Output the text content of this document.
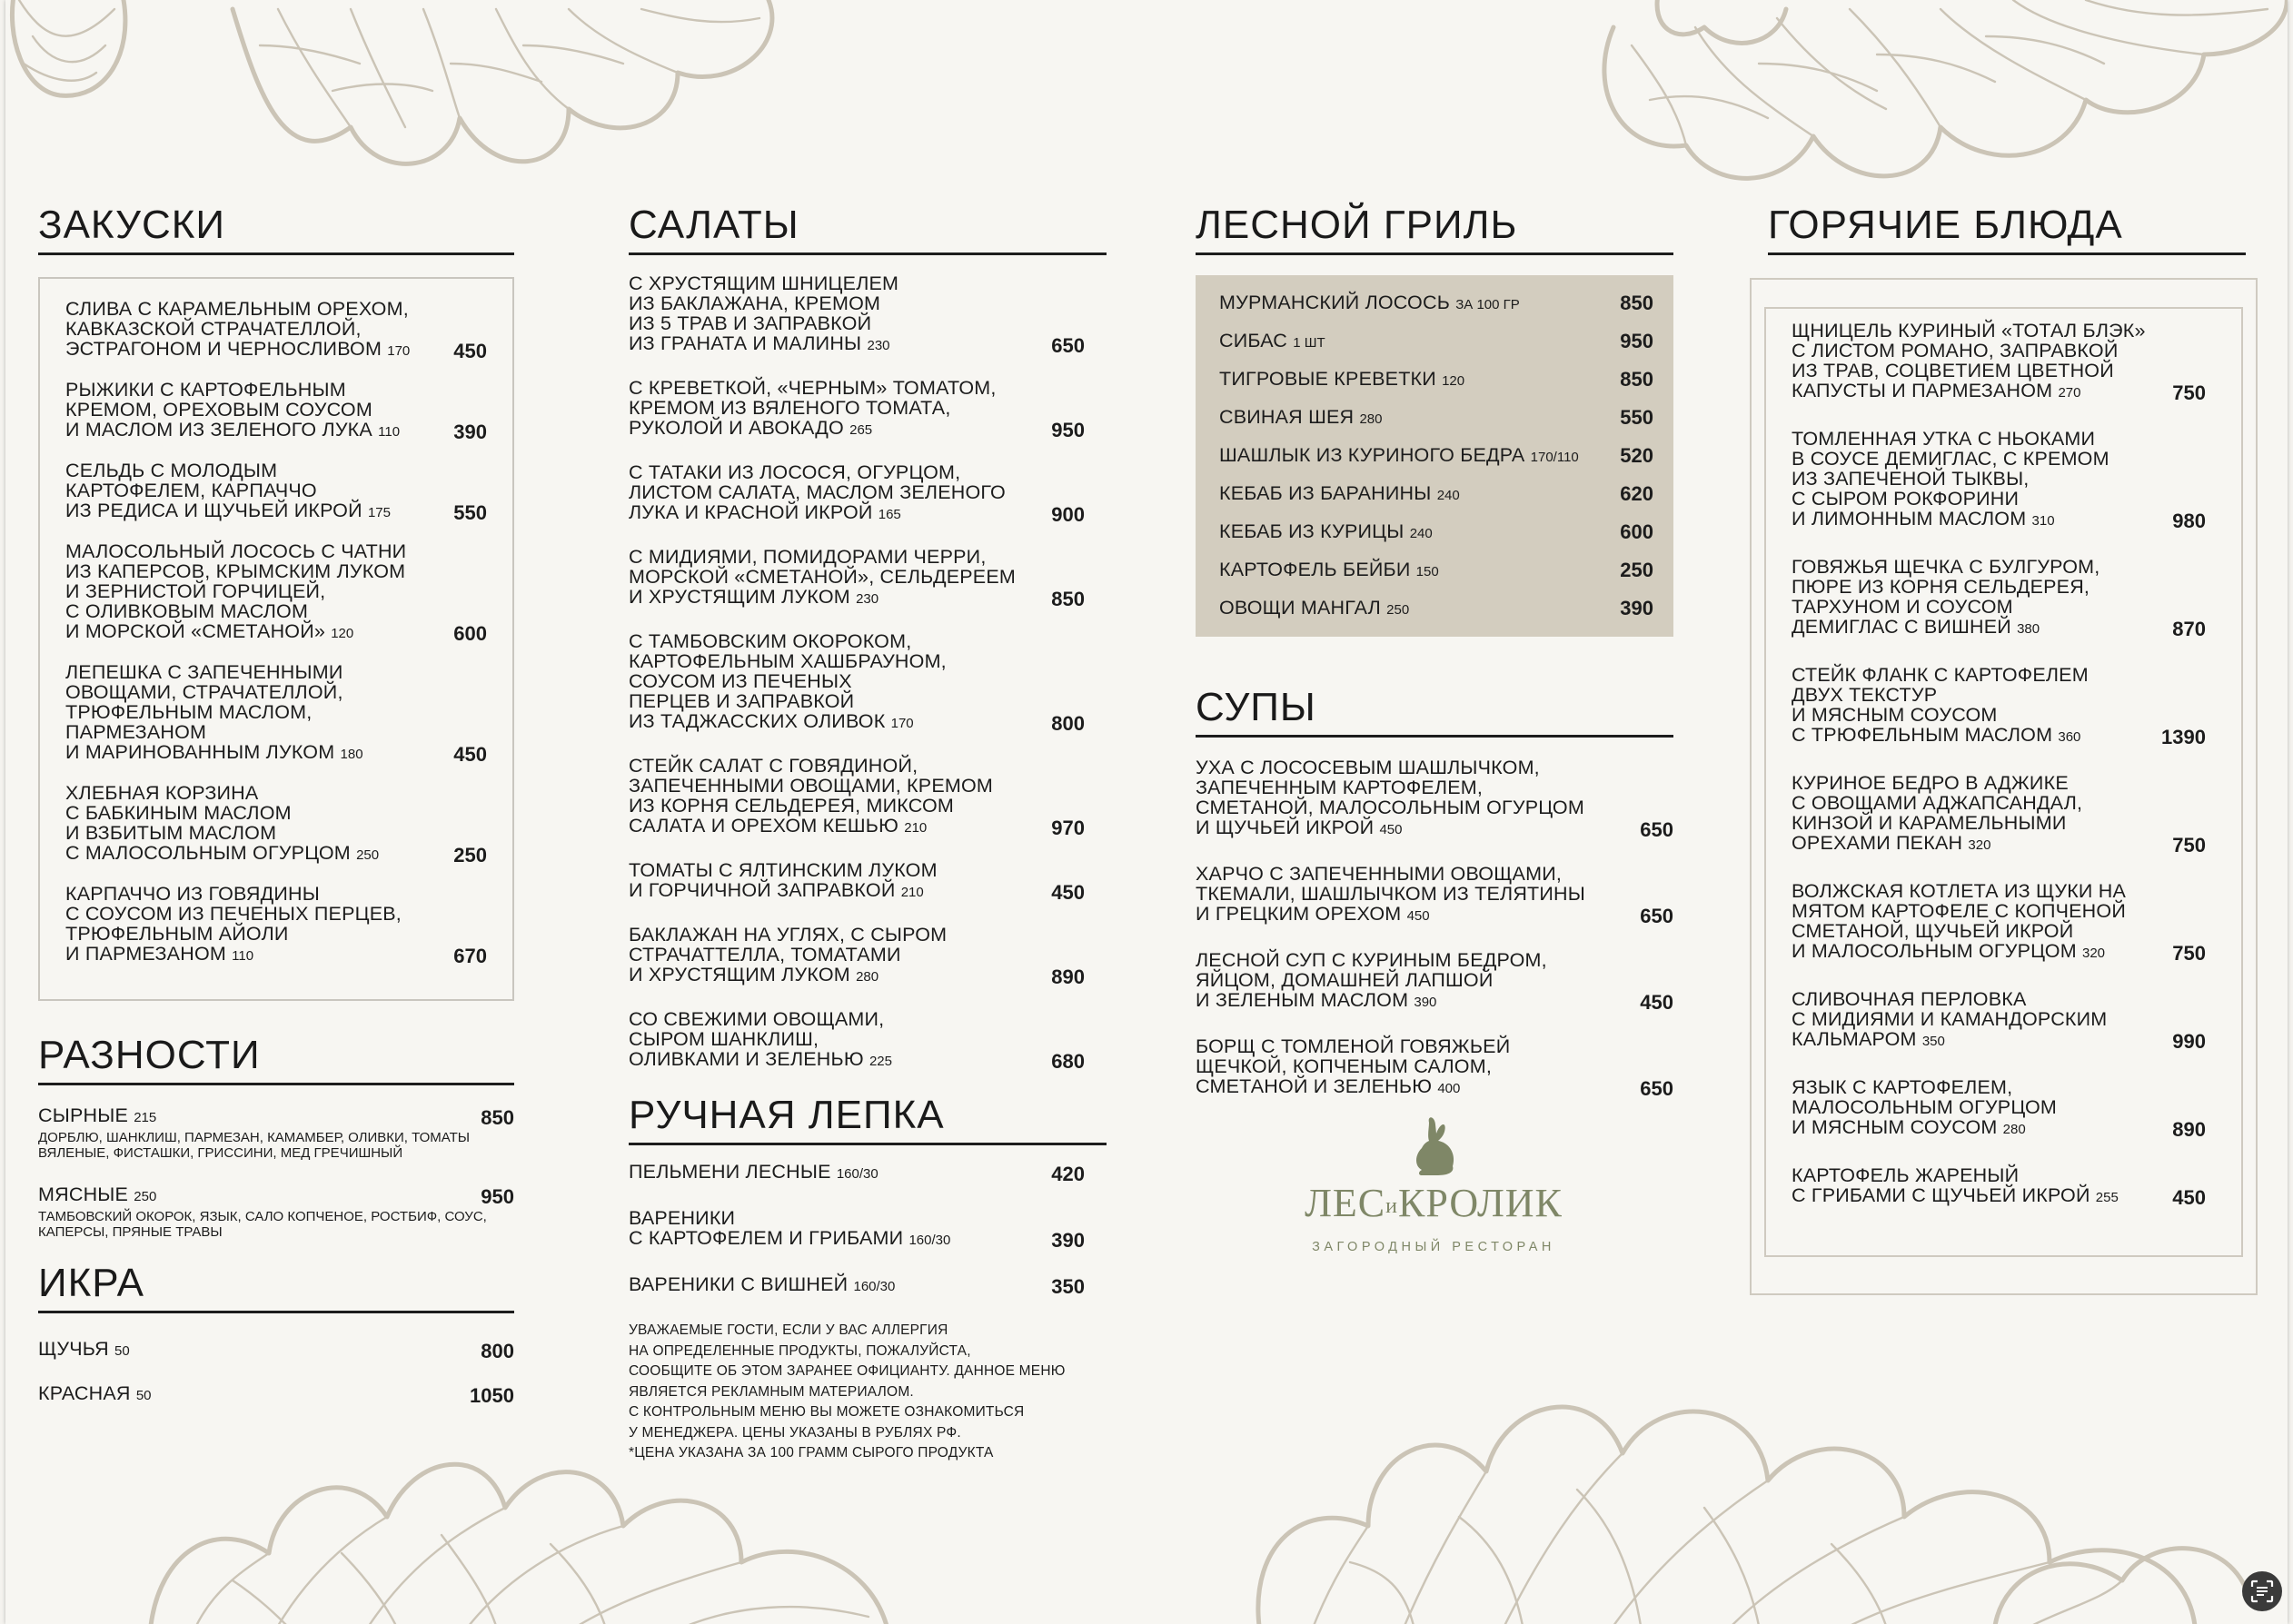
ЗАКУСКИ
СЛИВА С КАРАМЕЛЬНЫМ ОРЕХОМ,
КАВКАЗСКОЙ СТРАЧАТЕЛЛОЙ,
ЭСТРАГОНОМ И ЧЕРНОСЛИВОМ 170	450
РЫЖИКИ С КАРТОФЕЛЬНЫМ
КРЕМОМ, ОРЕХОВЫМ СОУСОМ
И МАСЛОМ ИЗ ЗЕЛЕНОГО ЛУКА 110	390
СЕЛЬДЬ С МОЛОДЫМ
КАРТОФЕЛЕМ, КАРПАЧЧО
ИЗ РЕДИСА И ЩУЧЬЕЙ ИКРОЙ 175	550
МАЛОСОЛЬНЫЙ ЛОСОСЬ С ЧАТНИ
ИЗ КАПЕРСОВ, КРЫМСКИМ ЛУКОМ
И ЗЕРНИСТОЙ ГОРЧИЦЕЙ,
С ОЛИВКОВЫМ МАСЛОМ
И МОРСКОЙ «СМЕТАНОЙ» 120	600
ЛЕПЕШКА С ЗАПЕЧЕННЫМИ
ОВОЩАМИ, СТРАЧАТЕЛЛОЙ,
ТРЮФЕЛЬНЫМ МАСЛОМ,
ПАРМЕЗАНОМ
И МАРИНОВАННЫМ ЛУКОМ 180	450
ХЛЕБНАЯ КОРЗИНА
С БАБКИНЫМ МАСЛОМ
И ВЗБИТЫМ МАСЛОМ
С МАЛОСОЛЬНЫМ ОГУРЦОМ 250	250
КАРПАЧЧО ИЗ ГОВЯДИНЫ
С СОУСОМ ИЗ ПЕЧЕНЫХ ПЕРЦЕВ,
ТРЮФЕЛЬНЫМ АЙОЛИ
И ПАРМЕЗАНОМ 110	670
РАЗНОСТИ
СЫРНЫЕ 215	850
ДОРБЛЮ, ШАНКЛИШ, ПАРМЕЗАН, КАМАМБЕР, ОЛИВКИ, ТОМАТЫ ВЯЛЕНЫЕ, ФИСТАШКИ, ГРИССИНИ, МЕД ГРЕЧИШНЫЙ
МЯСНЫЕ 250	950
ТАМБОВСКИЙ ОКОРОК, ЯЗЫК, САЛО КОПЧЕНОЕ, РОСТБИФ, СОУС, КАПЕРСЫ, ПРЯНЫЕ ТРАВЫ
ИКРА
ЩУЧЬЯ 50	800
КРАСНАЯ 50	1050
САЛАТЫ
С ХРУСТЯЩИМ ШНИЦЕЛЕМ
ИЗ БАКЛАЖАНА, КРЕМОМ
ИЗ 5 ТРАВ И ЗАПРАВКОЙ
ИЗ ГРАНАТА И МАЛИНЫ 230	650
С КРЕВЕТКОЙ, «ЧЕРНЫМ» ТОМАТОМ,
КРЕМОМ ИЗ ВЯЛЕНОГО ТОМАТА,
РУКОЛОЙ И АВОКАДО 265	950
С ТАТАКИ ИЗ ЛОСОСЯ, ОГУРЦОМ,
ЛИСТОМ САЛАТА, МАСЛОМ ЗЕЛЕНОГО
ЛУКА И КРАСНОЙ ИКРОЙ 165	900
С МИДИЯМИ, ПОМИДОРАМИ ЧЕРРИ,
МОРСКОЙ «СМЕТАНОЙ», СЕЛЬДЕРЕЕМ
И ХРУСТЯЩИМ ЛУКОМ 230	850
С ТАМБОВСКИМ ОКОРОКОМ,
КАРТОФЕЛЬНЫМ ХАШБРАУНОМ,
СОУСОМ ИЗ ПЕЧЕНЫХ
ПЕРЦЕВ И ЗАПРАВКОЙ
ИЗ ТАДЖАССКИХ ОЛИВОК 170	800
СТЕЙК САЛАТ С ГОВЯДИНОЙ,
ЗАПЕЧЕННЫМИ ОВОЩАМИ, КРЕМОМ
ИЗ КОРНЯ СЕЛЬДЕРЕЯ, МИКСОМ
САЛАТА И ОРЕХОМ КЕШЬЮ 210	970
ТОМАТЫ С ЯЛТИНСКИМ ЛУКОМ
И ГОРЧИЧНОЙ ЗАПРАВКОЙ 210	450
БАКЛАЖАН НА УГЛЯХ, С СЫРОМ
СТРАЧАТТЕЛЛА, ТОМАТАМИ
И ХРУСТЯЩИМ ЛУКОМ 280	890
СО СВЕЖИМИ ОВОЩАМИ,
СЫРОМ ШАНКЛИШ,
ОЛИВКАМИ И ЗЕЛЕНЬЮ 225	680
РУЧНАЯ ЛЕПКА
ПЕЛЬМЕНИ ЛЕСНЫЕ 160/30	420
ВАРЕНИКИ
С КАРТОФЕЛЕМ И ГРИБАМИ 160/30	390
ВАРЕНИКИ С ВИШНЕЙ 160/30	350
УВАЖАЕМЫЕ ГОСТИ, ЕСЛИ У ВАС АЛЛЕРГИЯ
НА ОПРЕДЕЛЕННЫЕ ПРОДУКТЫ, ПОЖАЛУЙСТА,
СООБЩИТЕ ОБ ЭТОМ ЗАРАНЕЕ ОФИЦИАНТУ. ДАННОЕ МЕНЮ
ЯВЛЯЕТСЯ РЕКЛАМНЫМ МАТЕРИАЛОМ.
С КОНТРОЛЬНЫМ МЕНЮ ВЫ МОЖЕТЕ ОЗНАКОМИТЬСЯ
У МЕНЕДЖЕРА. ЦЕНЫ УКАЗАНЫ В РУБЛЯХ РФ.
*ЦЕНА УКАЗАНА ЗА 100 ГРАММ СЫРОГО ПРОДУКТА
ЛЕСНОЙ ГРИЛЬ
МУРМАНСКИЙ ЛОСОСЬ ЗА 100 ГР	850
СИБАС 1 ШТ	950
ТИГРОВЫЕ КРЕВЕТКИ 120	850
СВИНАЯ ШЕЯ 280	550
ШАШЛЫК ИЗ КУРИНОГО БЕДРА 170/110	520
КЕБАБ ИЗ БАРАНИНЫ 240	620
КЕБАБ ИЗ КУРИЦЫ 240	600
КАРТОФЕЛЬ БЕЙБИ 150	250
ОВОЩИ МАНГАЛ 250	390
СУПЫ
УХА С ЛОСОСЕВЫМ ШАШЛЫЧКОМ,
ЗАПЕЧЕННЫМ КАРТОФЕЛЕМ,
СМЕТАНОЙ, МАЛОСОЛЬНЫМ ОГУРЦОМ
И ЩУЧЬЕЙ ИКРОЙ 450	650
ХАРЧО С ЗАПЕЧЕННЫМИ ОВОЩАМИ,
ТКЕМАЛИ, ШАШЛЫЧКОМ ИЗ ТЕЛЯТИНЫ
И ГРЕЦКИМ ОРЕХОМ 450	650
ЛЕСНОЙ СУП С КУРИНЫМ БЕДРОМ,
ЯЙЦОМ, ДОМАШНЕЙ ЛАПШОЙ
И ЗЕЛЕНЫМ МАСЛОМ 390	450
БОРЩ С ТОМЛЕНОЙ ГОВЯЖЬЕЙ
ЩЕЧКОЙ, КОПЧЕНЫМ САЛОМ,
СМЕТАНОЙ И ЗЕЛЕНЬЮ 400	650
ЛЕСиКРОЛИК
ЗАГОРОДНЫЙ РЕСТОРАН
ГОРЯЧИЕ БЛЮДА
ЩНИЦЕЛЬ КУРИНЫЙ «ТОТАЛ БЛЭК»
С ЛИСТОМ РОМАНО, ЗАПРАВКОЙ
ИЗ ТРАВ, СОЦВЕТИЕМ ЦВЕТНОЙ
КАПУСТЫ И ПАРМЕЗАНОМ 270	750
ТОМЛЕННАЯ УТКА С НЬОКАМИ
В СОУСЕ ДЕМИГЛАС, С КРЕМОМ
ИЗ ЗАПЕЧЕНОЙ ТЫКВЫ,
С СЫРОМ РОКФОРИНИ
И ЛИМОННЫМ МАСЛОМ 310	980
ГОВЯЖЬЯ ЩЕЧКА С БУЛГУРОМ,
ПЮРЕ ИЗ КОРНЯ СЕЛЬДЕРЕЯ,
ТАРХУНОМ И СОУСОМ
ДЕМИГЛАС С ВИШНЕЙ 380	870
СТЕЙК ФЛАНК С КАРТОФЕЛЕМ
ДВУХ ТЕКСТУР
И МЯСНЫМ СОУСОМ
С ТРЮФЕЛЬНЫМ МАСЛОМ 360	1390
КУРИНОЕ БЕДРО В АДЖИКЕ
С ОВОЩАМИ АДЖАПСАНДАЛ,
КИНЗОЙ И КАРАМЕЛЬНЫМИ
ОРЕХАМИ ПЕКАН 320	750
ВОЛЖСКАЯ КОТЛЕТА ИЗ ЩУКИ НА
МЯТОМ КАРТОФЕЛЕ С КОПЧЕНОЙ
СМЕТАНОЙ, ЩУЧЬЕЙ ИКРОЙ
И МАЛОСОЛЬНЫМ ОГУРЦОМ 320	750
СЛИВОЧНАЯ ПЕРЛОВКА
С МИДИЯМИ И КАМАНДОРСКИМ
КАЛЬМАРОМ 350	990
ЯЗЫК С КАРТОФЕЛЕМ,
МАЛОСОЛЬНЫМ ОГУРЦОМ
И МЯСНЫМ СОУСОМ 280	890
КАРТОФЕЛЬ ЖАРЕНЫЙ
С ГРИБАМИ С ЩУЧЬЕЙ ИКРОЙ 255	450
